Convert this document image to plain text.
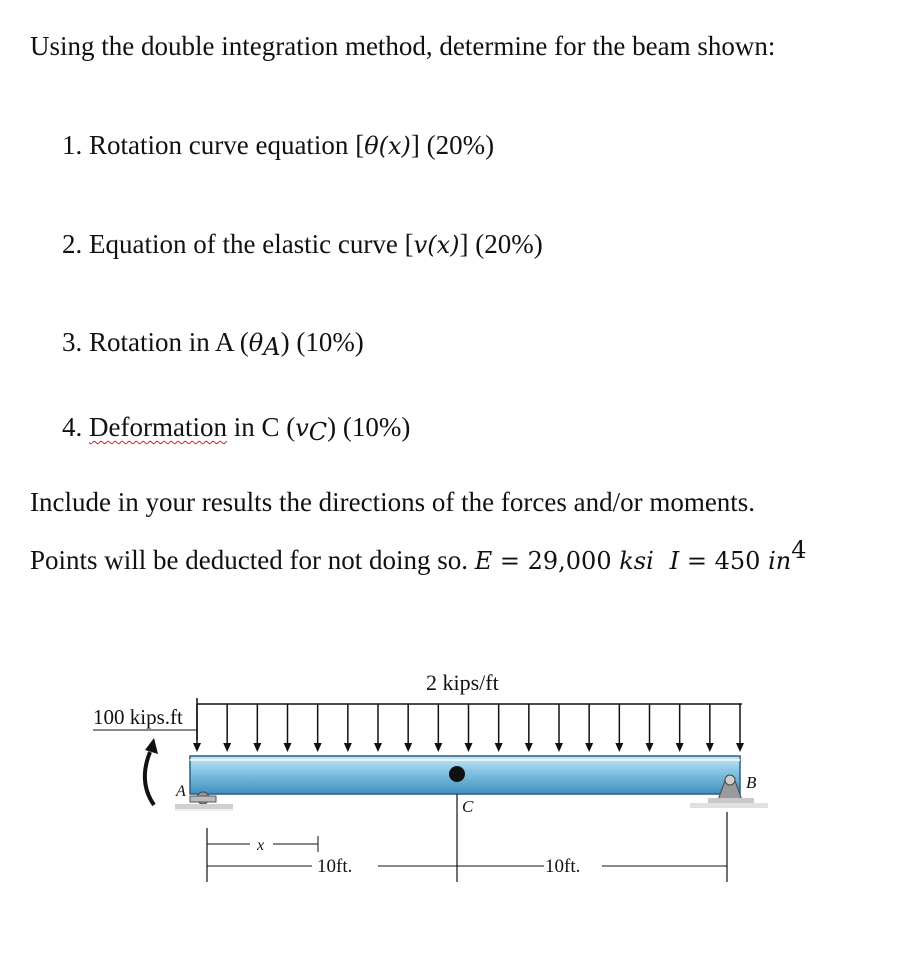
Using the double integration method, determine for the beam shown:
1. Rotation curve equation [θ(x)] (20%)
2. Equation of the elastic curve [v(x)] (20%)
3. Rotation in A $(\theta_A)$ (10%)
4. Deformation in C $(v_C)$ (10%)
Include in your results the directions of the forces and/or moments.
Points will be deducted for not doing so. E = 29,000 ksi I = 450 $in^4$
2 kips/ft
100 kips.ft
C
A	B
x
10ft.	10ft.
